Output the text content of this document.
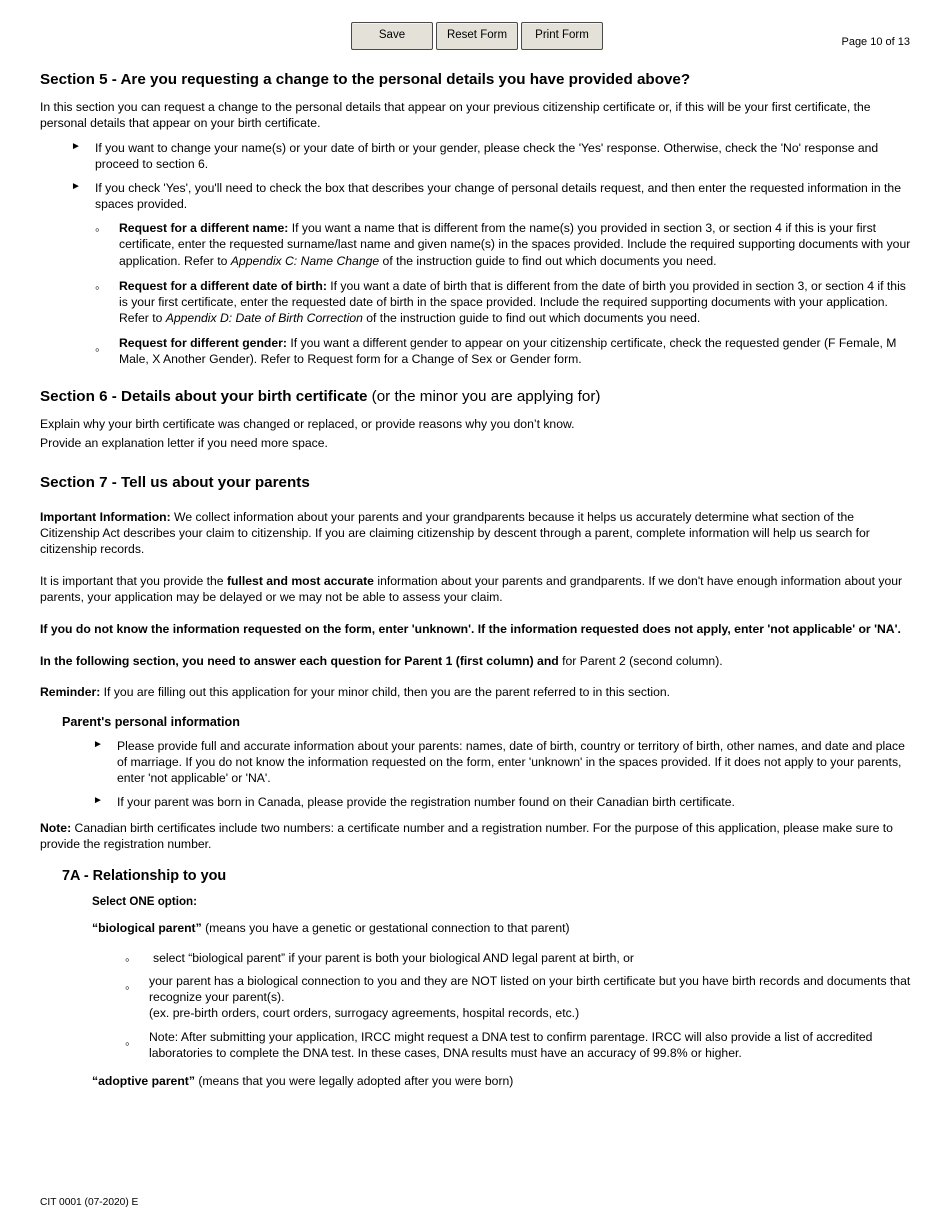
Save	Reset Form	Print Form
Page 10 of 13
Section 5 - Are you requesting a change to the personal details you have provided above?

In this section you can request a change to the personal details that appear on your previous citizenship certificate or, if this will be your first certificate, the personal details that appear on your birth certificate.

► If you want to change your name(s) or your date of birth or your gender, please check the 'Yes' response. Otherwise, check the 'No' response and proceed to section 6.
► If you check 'Yes', you'll need to check the box that describes your change of personal details request, and then enter the requested information in the spaces provided.
◦ Request for a different name: If you want a name that is different from the name(s) you provided in section 3, or section 4 if this is your first certificate, enter the requested surname/last name and given name(s) in the spaces provided. Include the required supporting documents with your application. Refer to Appendix C: Name Change of the instruction guide to find out which documents you need.
◦ Request for a different date of birth: If you want a date of birth that is different from the date of birth you provided in section 3, or section 4 if this is your first certificate, enter the requested date of birth in the space provided. Include the required supporting documents with your application. Refer to Appendix D: Date of Birth Correction of the instruction guide to find out which documents you need.
◦ Request for different gender: If you want a different gender to appear on your citizenship certificate, check the requested gender (F Female, M Male, X Another Gender). Refer to Request form for a Change of Sex or Gender form.
Section 6 - Details about your birth certificate (or the minor you are applying for)

Explain why your birth certificate was changed or replaced, or provide reasons why you don’t know.

Provide an explanation letter if you need more space.

Section 7 - Tell us about your parents

Important Information: We collect information about your parents and your grandparents because it helps us accurately determine what section of the Citizenship Act describes your claim to citizenship. If you are claiming citizenship by descent through a parent, complete information will help us search for citizenship records.

It is important that you provide the fullest and most accurate information about your parents and grandparents. If we don't have enough information about your parents, your application may be delayed or we may not be able to assess your claim.

If you do not know the information requested on the form, enter 'unknown'. If the information requested does not apply, enter 'not applicable' or 'NA'.

In the following section, you need to answer each question for Parent 1 (first column) and for Parent 2 (second column).

Reminder: If you are filling out this application for your minor child, then you are the parent referred to in this section.

Parent's personal information
► Please provide full and accurate information about your parents: names, date of birth, country or territory of birth, other names, and date and place of marriage. If you do not know the information requested on the form, enter 'unknown' in the spaces provided. If it does not apply to your parents, enter 'not applicable' or 'NA'.
► If your parent was born in Canada, please provide the registration number found on their Canadian birth certificate.

Note: Canadian birth certificates include two numbers: a certificate number and a registration number. For the purpose of this application, please make sure to provide the registration number.

7A - Relationship to you
Select ONE option:
“biological parent” (means you have a genetic or gestational connection to that parent)
◦ select “biological parent” if your parent is both your biological AND legal parent at birth, or
◦ your parent has a biological connection to you and they are NOT listed on your birth certificate but you have birth records and documents that recognize your parent(s).
(ex. pre-birth orders, court orders, surrogacy agreements, hospital records, etc.)
◦ Note: After submitting your application, IRCC might request a DNA test to confirm parentage. IRCC will also provide a list of accredited laboratories to complete the DNA test. In these cases, DNA results must have an accuracy of 99.8% or higher.
“adoptive parent” (means that you were legally adopted after you were born)
CIT 0001 (07-2020) E
